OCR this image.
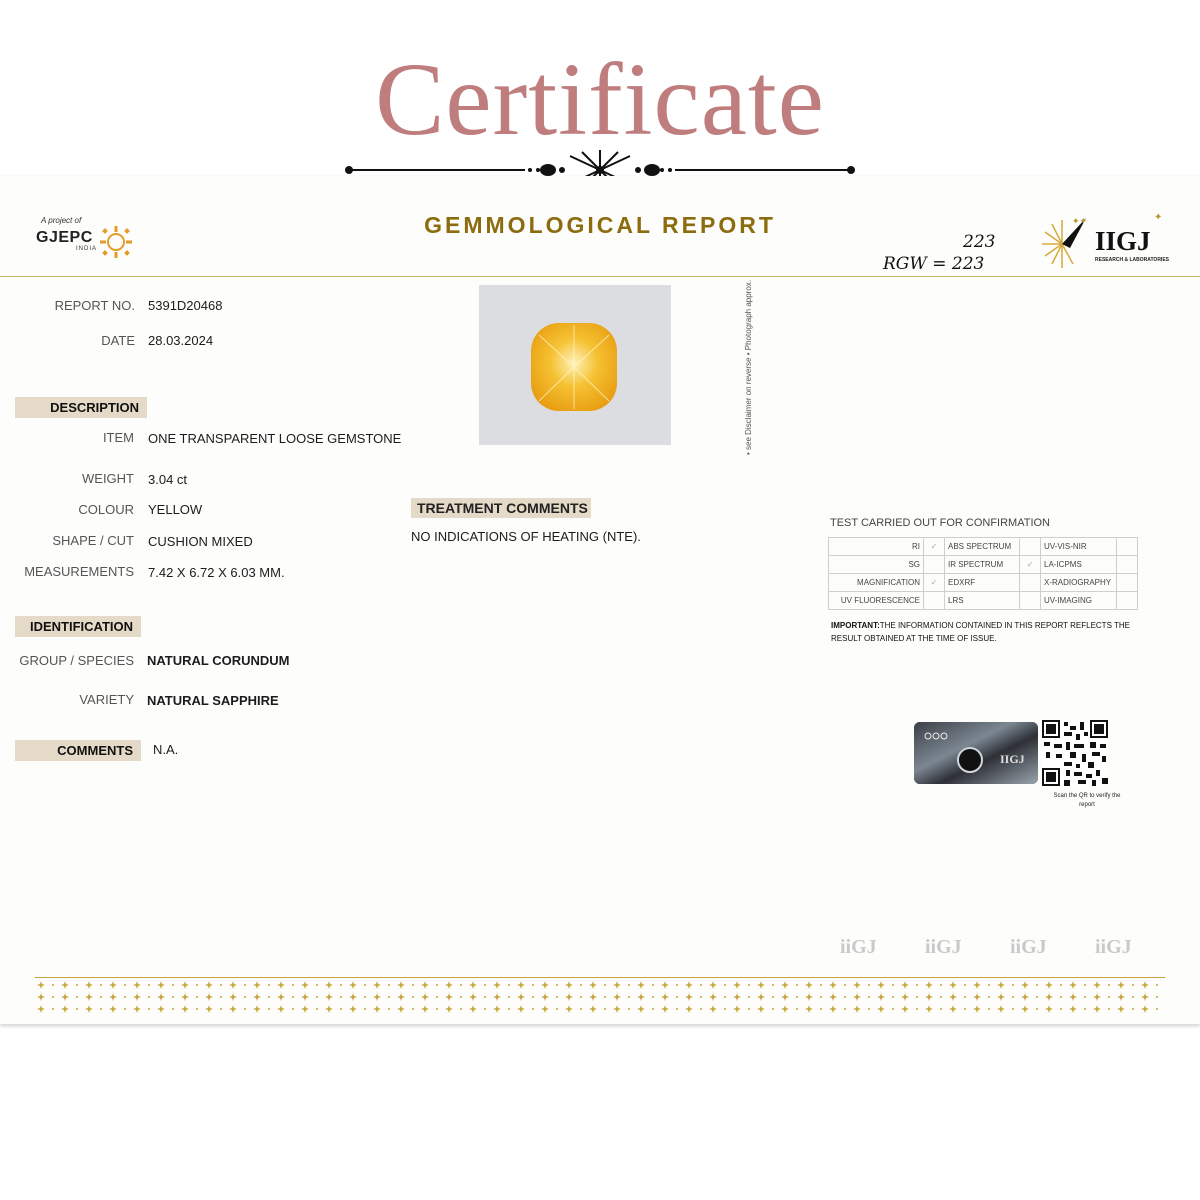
Certificate
A project of
GJEPC
INDIA
GEMMOLOGICAL REPORT
223
RGW = 223
✦✦
IIGJ
RESEARCH & LABORATORIES
✦
REPORT NO. 5391D20468
DATE 28.03.2024
DESCRIPTION
ITEM ONE TRANSPARENT LOOSE GEMSTONE
WEIGHT 3.04 ct
COLOUR YELLOW
SHAPE / CUT CUSHION MIXED
MEASUREMENTS 7.42 X 6.72 X 6.03 MM.
IDENTIFICATION
GROUP / SPECIES NATURAL CORUNDUM
VARIETY NATURAL SAPPHIRE
COMMENTS	N.A.
• see Disclaimer on reverse • Photograph approx.
TREATMENT COMMENTS
NO INDICATIONS OF HEATING (NTE).
TEST CARRIED OUT FOR CONFIRMATION
RI	✓	ABS SPECTRUM		UV-VIS-NIR	
SG		IR SPECTRUM	✓	LA-ICPMS	
MAGNIFICATION	✓	EDXRF		X-RADIOGRAPHY	
UV FLUORESCENCE		LRS		UV-IMAGING	
IMPORTANT:THE INFORMATION CONTAINED IN THIS REPORT REFLECTS THE RESULT OBTAINED AT THE TIME OF ISSUE.
IIGJ
Scan the QR to verify the report
iiGJ iiGJ iiGJ iiGJ
